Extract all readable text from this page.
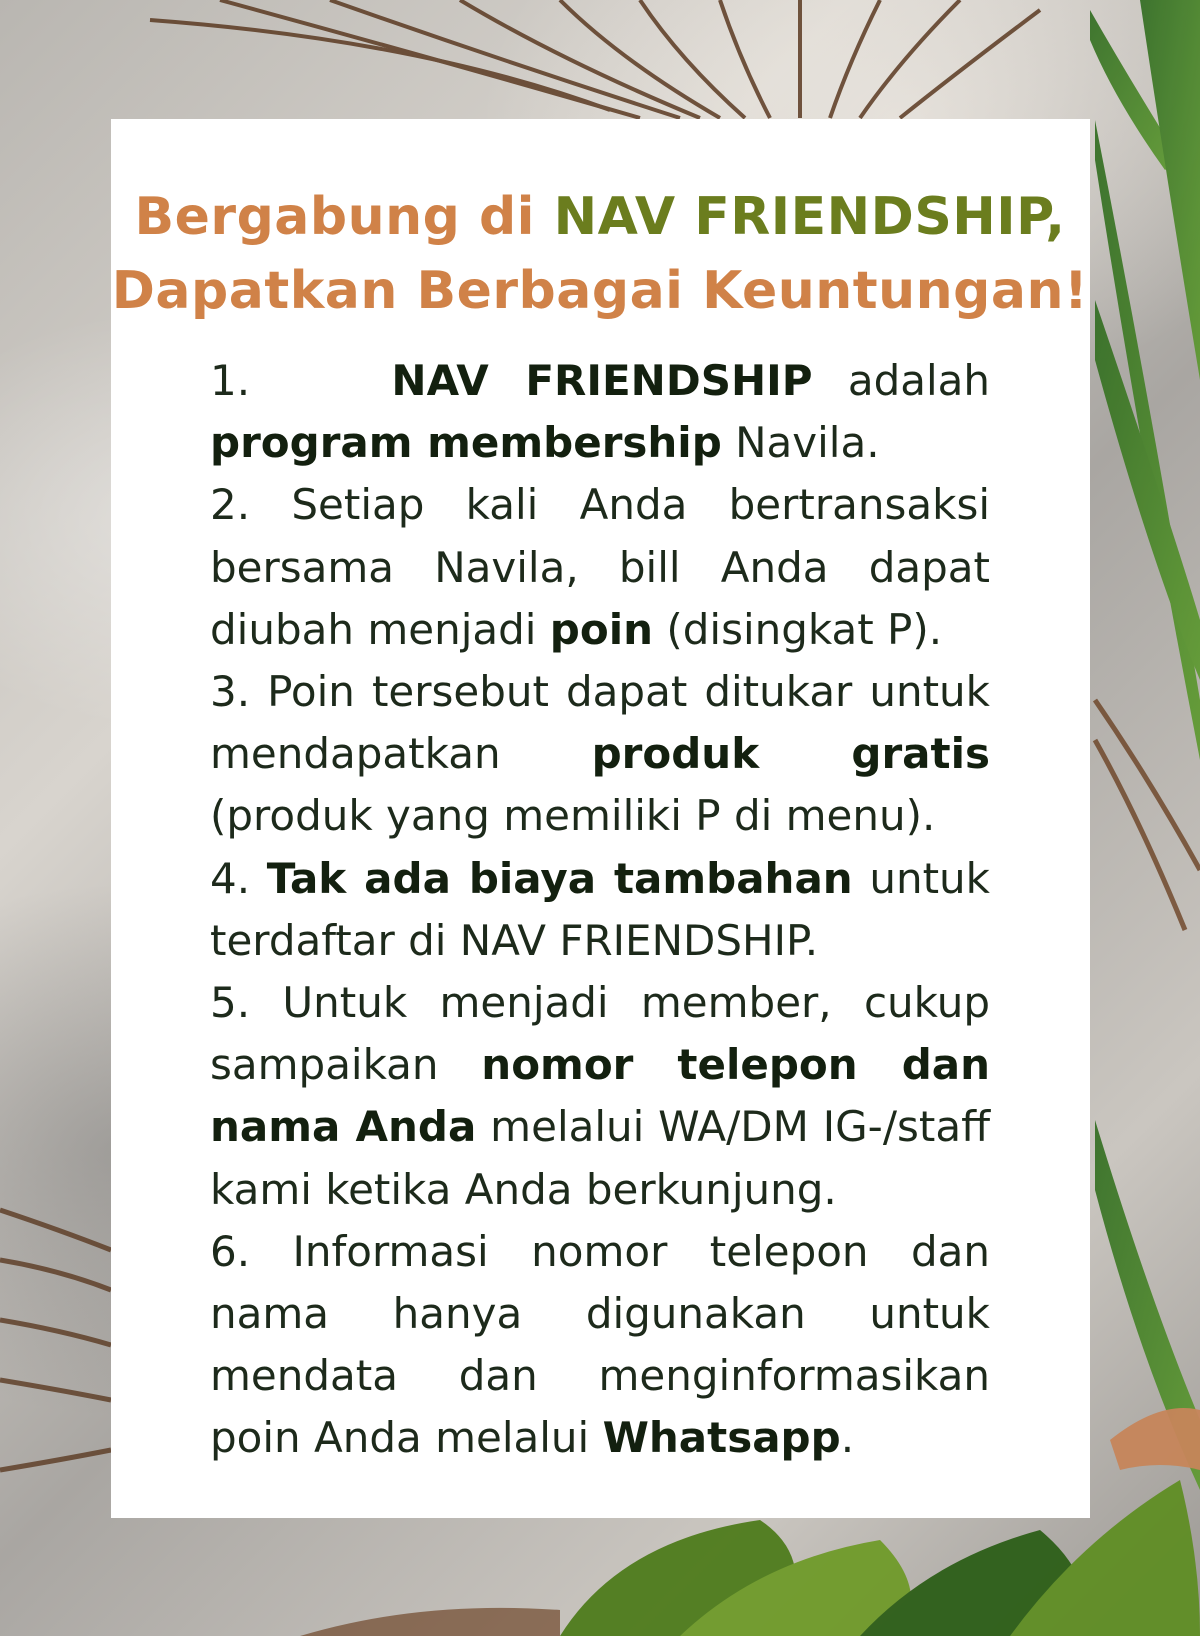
Bergabung di NAV FRIENDSHIP,
Dapatkan Berbagai Keuntungan!

1.	NAV FRIENDSHIP adalah program membership Navila.

2. Setiap kali Anda bertransaksi bersama Navila, bill Anda dapat diubah menjadi poin (disingkat P).

3. Poin tersebut dapat ditukar untuk mendapatkan produk gratis (produk yang memiliki P di menu).

4. Tak ada biaya tambahan untuk terdaftar di NAV FRIENDSHIP.

5. Untuk menjadi member, cukup sampaikan nomor telepon dan nama Anda melalui WA/DM IG-/staff kami ketika Anda berkunjung.

6. Informasi nomor telepon dan nama hanya digunakan untuk mendata dan menginformasikan poin Anda melalui Whatsapp.
